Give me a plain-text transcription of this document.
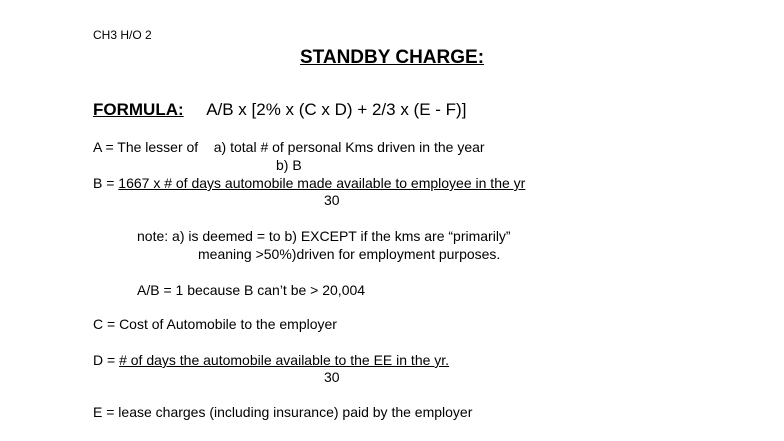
CH3 H/O 2
STANDBY CHARGE:
FORMULA: A/B x [2% x (C x D) + 2/3 x (E - F)]
A = The lesser of    a) total # of personal Kms driven in the year
b) B
B = 1667 x # of days automobile made available to employee in the yr
30
note: a) is deemed = to b) EXCEPT if the kms are “primarily”
meaning >50%)driven for employment purposes.
A/B = 1 because B can’t be > 20,004
C = Cost of Automobile to the employer
D = # of days the automobile available to the EE in the yr.
30
E = lease charges (including insurance) paid by the employer
